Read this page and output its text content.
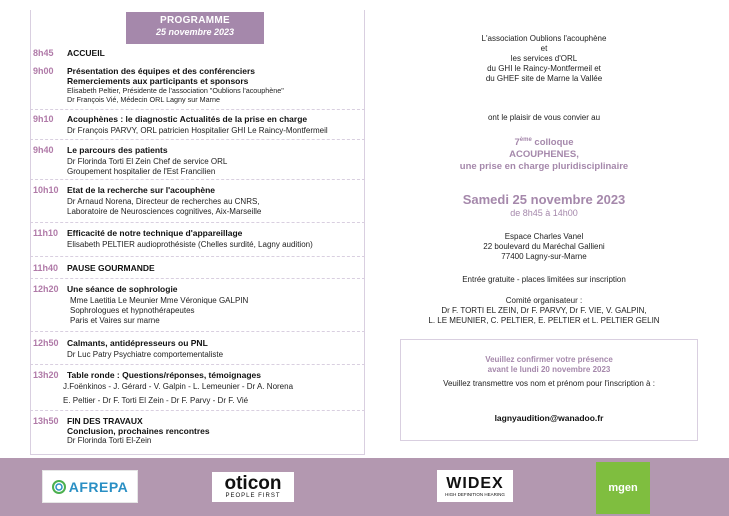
PROGRAMME
25 novembre 2023
8h45 ACCUEIL
9h00 Présentation des équipes et des conférenciers
Remerciements aux participants et sponsors
Elisabeth Peltier, Présidente de l'association "Oublions l'acouphène"
Dr François Vié, Médecin ORL Lagny sur Marne
9h10 Acouphènes : le diagnostic Actualités de la prise en charge
Dr François PARVY, ORL patricien Hospitalier GHI Le Raincy-Montfermeil
9h40 Le parcours des patients
Dr Florinda Torti El Zein Chef de service ORL
Groupement hospitalier de l'Est Francilien
10h10 Etat de la recherche sur l'acouphène
Dr Arnaud Norena, Directeur de recherches au CNRS,
Laboratoire de Neurosciences cognitives, Aix-Marseille
11h10 Efficacité de notre technique d'appareillage
Elisabeth PELTIER audioprothésiste (Chelles surdité, Lagny audition)
11h40 PAUSE GOURMANDE
12h20 Une séance de sophrologie
Mme Laetitia Le Meunier Mme Véronique GALPIN
Sophrologues et hypnothérapeutes
Paris et Vaires sur marne
12h50 Calmants, antidépresseurs ou PNL
Dr Luc Patry Psychiatre comportementaliste
13h20 Table ronde : Questions/réponses, témoignages
J.Foënkinos - J. Gérard - V. Galpin - L. Lemeunier - Dr A. Norena
E. Peltier - Dr F. Torti El Zein - Dr F. Parvy - Dr F. Vié
13h50 FIN DES TRAVAUX
Conclusion, prochaines rencontres
Dr Florinda Torti El-Zein
L'association Oublions l'acouphène
et
les services d'ORL
du GHI le Raincy-Montfermeil et
du GHEF site de Marne la Vallée
ont le plaisir de vous convier au
7ème colloque
ACOUPHENES,
une prise en charge pluridisciplinaire
Samedi 25 novembre 2023
de 8h45 à 14h00
Espace Charles Vanel
22 boulevard du Maréchal Gallieni
77400 Lagny-sur-Marne
Entrée gratuite - places limitées sur inscription
Comité organisateur :
Dr F. TORTI EL ZEIN, Dr F. PARVY, Dr F. VIE, V. GALPIN,
L. LE MEUNIER, C. PELTIER, E. PELTIER et L. PELTIER GELIN
Veuillez confirmer votre présence
avant le lundi 20 novembre 2023
Veuillez transmettre vos nom et prénom pour l'inscription à :
lagnyaudition@wanadoo.fr
AFREPA	oticon
PEOPLE FIRST
WIDEX
HIGH DEFINITION HEARING
mgen
